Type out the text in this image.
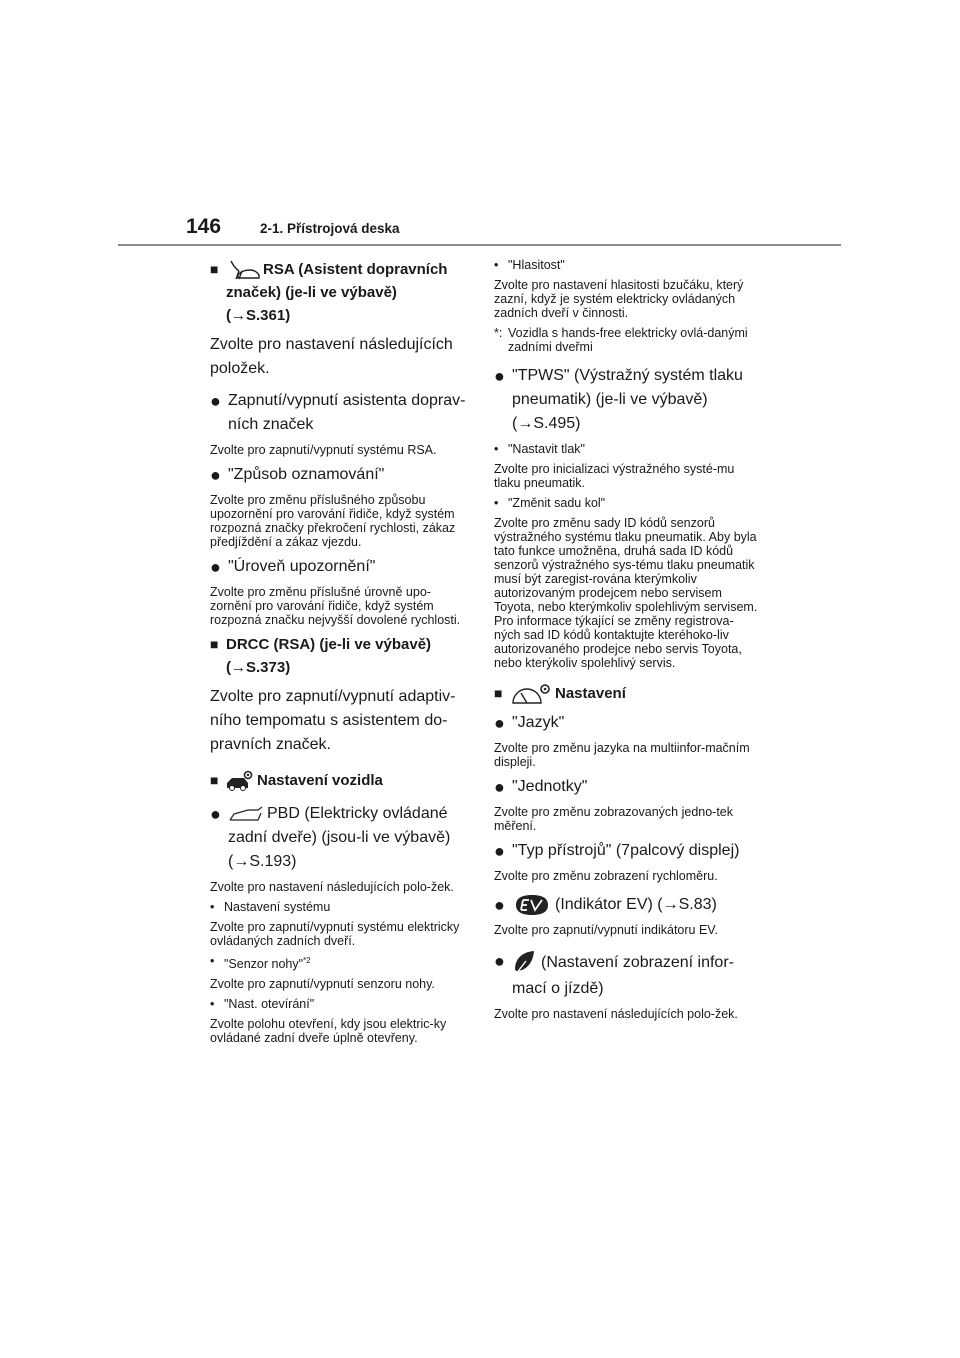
146	2-1. Přístrojová deska
■	RSA (Asistent dopravních
značek) (je-li ve výbavě)
(→S.361)

Zvolte pro nastavení následujících položek.

● Zapnutí/vypnutí asistenta doprav-ních značek

Zvolte pro zapnutí/vypnutí systému RSA.

● "Způsob oznamování"

Zvolte pro změnu příslušného způsobu upozornění pro varování řidiče, když systém rozpozná značky překročení rychlosti, zákaz předjíždění a zákaz vjezdu.

● "Úroveň upozornění"

Zvolte pro změnu příslušné úrovně upo-zornění pro varování řidiče, když systém rozpozná značku nejvyšší dovolené rychlosti.

■ DRCC (RSA) (je-li ve výbavě)
(→S.373)

Zvolte pro zapnutí/vypnutí adaptiv-ního tempomatu s asistentem do-pravních značek.

■	Nastavení vozidla
●	PBD (Elektricky ovládané zadní dveře) (jsou-li ve výbavě) (→S.193)

Zvolte pro nastavení následujících polo-žek.

• Nastavení systému

Zvolte pro zapnutí/vypnutí systému elektricky ovládaných zadních dveří.

• "Senzor nohy"$^{*2}$

Zvolte pro zapnutí/vypnutí senzoru nohy.

• "Nast. otevírání"

Zvolte polohu otevření, kdy jsou elektric-ky ovládané zadní dveře úplně otevřeny.

• "Hlasitost"

Zvolte pro nastavení hlasitosti bzučáku, který zazní, když je systém elektricky ovládaných zadních dveří v činnosti.

*: Vozidla s hands-free elektricky ovlá-danými zadními dveřmi
● "TPWS" (Výstražný systém tlaku pneumatik) (je-li ve výbavě) (→S.495)
• "Nastavit tlak"

Zvolte pro inicializaci výstražného systé-mu tlaku pneumatik.

• "Změnit sadu kol"

Zvolte pro změnu sady ID kódů senzorů výstražného systému tlaku pneumatik. Aby byla tato funkce umožněna, druhá sada ID kódů senzorů výstražného sys-tému tlaku pneumatik musí být zaregist-rována kterýmkoliv autorizovaným prodejcem nebo servisem Toyota, nebo kterýmkoliv spolehlivým servisem. Pro informace týkající se změny registrova-ných sad ID kódů kontaktujte kteréhoko-liv autorizovaného prodejce nebo servis Toyota, nebo kterýkoliv spolehlivý servis.

■	Nastavení
● "Jazyk"

Zvolte pro změnu jazyka na multiinfor-mačním displeji.

● "Jednotky"

Zvolte pro změnu zobrazovaných jedno-tek měření.

● "Typ přístrojů" (7palcový displej)

Zvolte pro změnu zobrazení rychloměru.

●	(Indikátor EV) (→S.83)

Zvolte pro zapnutí/vypnutí indikátoru EV.

●	(Nastavení zobrazení infor-mací o jízdě)

Zvolte pro nastavení následujících polo-žek.
